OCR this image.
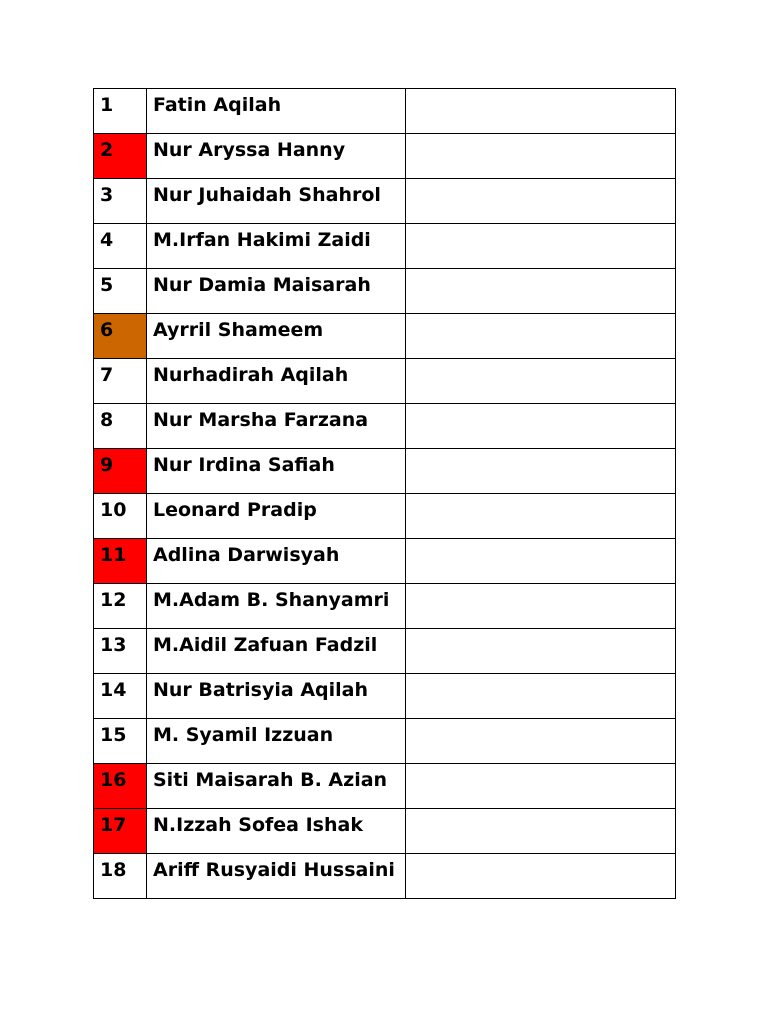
1	Fatin Aqilah	
2	Nur Aryssa Hanny	
3	Nur Juhaidah Shahrol	
4	M.Irfan Hakimi Zaidi	
5	Nur Damia Maisarah	
6	Ayrril Shameem	
7	Nurhadirah Aqilah	
8	Nur Marsha Farzana	
9	Nur Irdina Safiah	
10	Leonard Pradip	
11	Adlina Darwisyah	
12	M.Adam B. Shanyamri	
13	M.Aidil Zafuan Fadzil	
14	Nur Batrisyia Aqilah	
15	M. Syamil Izzuan	
16	Siti Maisarah B. Azian	
17	N.Izzah Sofea Ishak	
18	Ariff Rusyaidi Hussaini	
